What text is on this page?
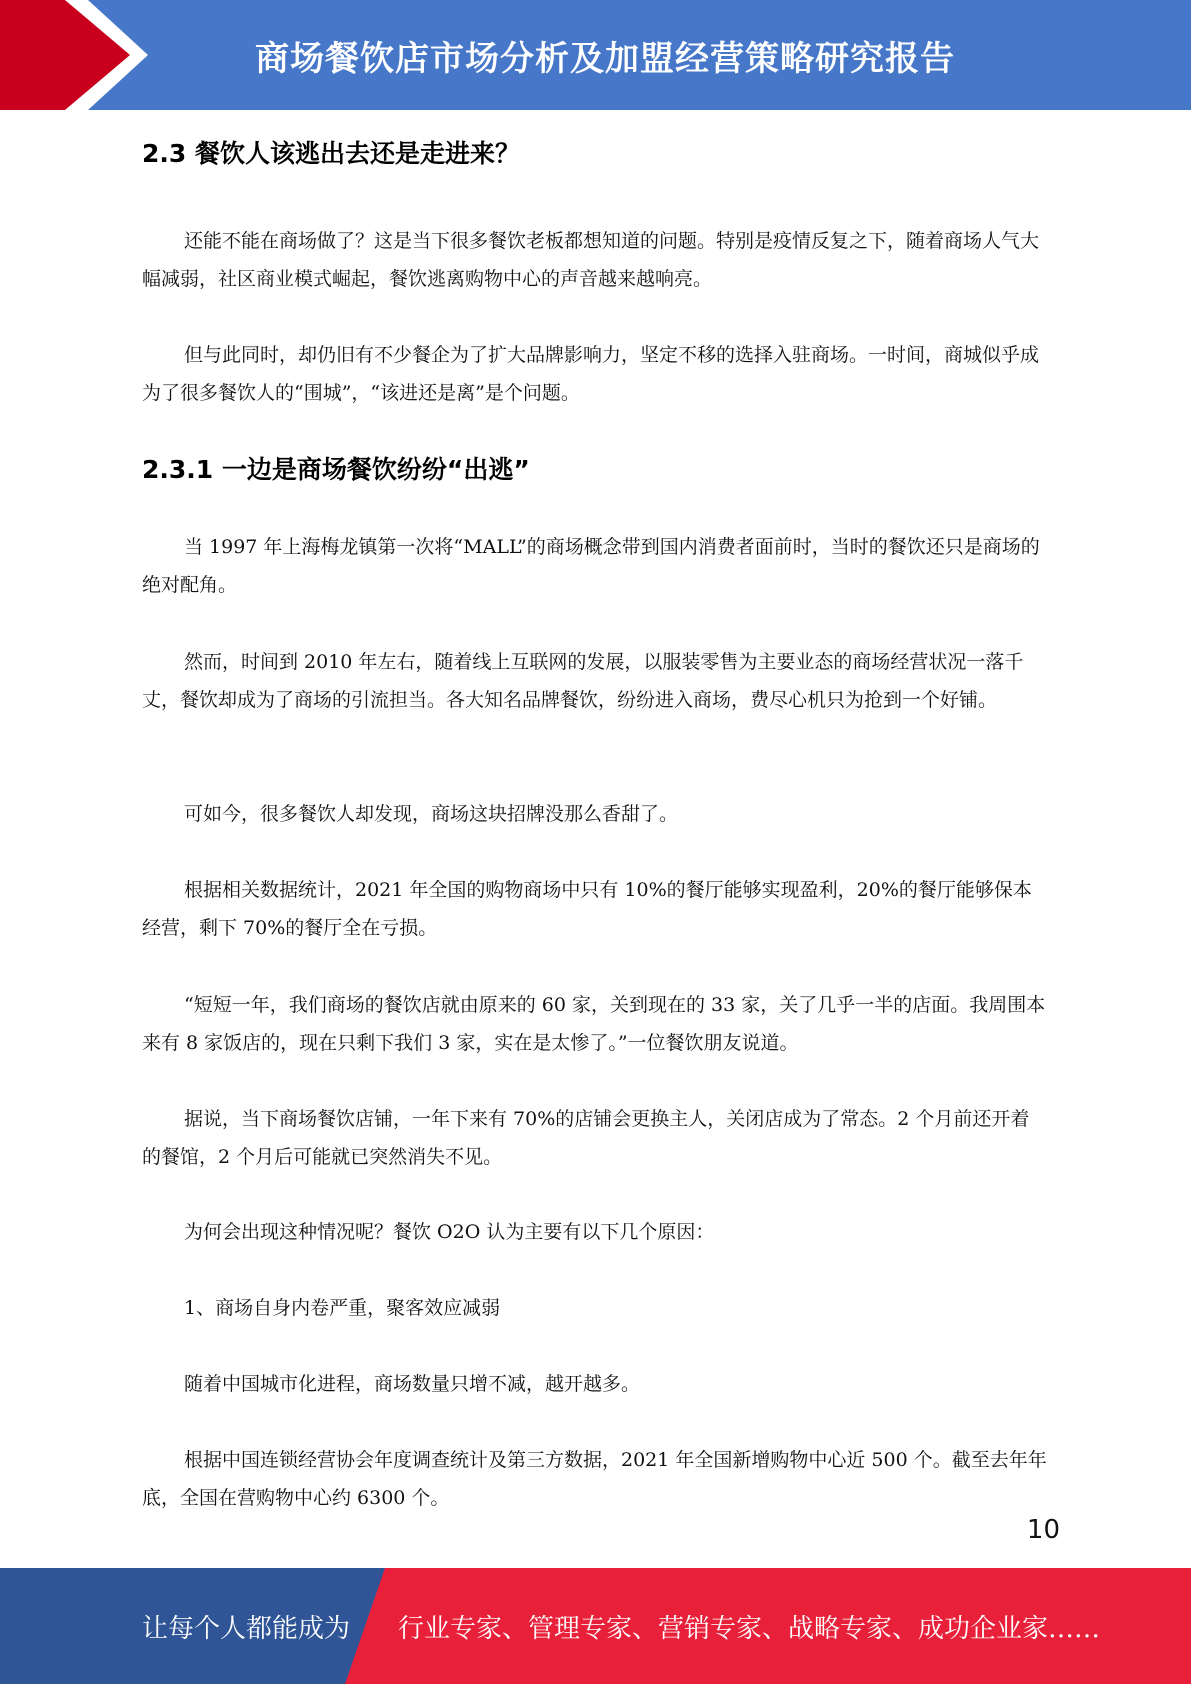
商场餐饮店市场分析及加盟经营策略研究报告
2.3 餐饮人该逃出去还是走进来？

还能不能在商场做了？这是当下很多餐饮老板都想知道的问题。特别是疫情反复之下，随着商场人气大幅减弱，社区商业模式崛起，餐饮逃离购物中心的声音越来越响亮。

但与此同时，却仍旧有不少餐企为了扩大品牌影响力，坚定不移的选择入驻商场。一时间，商城似乎成为了很多餐饮人的“围城”，“该进还是离”是个问题。

2.3.1 一边是商场餐饮纷纷“出逃”

当 1997 年上海梅龙镇第一次将“MALL”的商场概念带到国内消费者面前时，当时的餐饮还只是商场的绝对配角。

然而，时间到 2010 年左右，随着线上互联网的发展，以服装零售为主要业态的商场经营状况一落千丈，餐饮却成为了商场的引流担当。各大知名品牌餐饮，纷纷进入商场，费尽心机只为抢到一个好铺。

可如今，很多餐饮人却发现，商场这块招牌没那么香甜了。

根据相关数据统计，2021 年全国的购物商场中只有 10%的餐厅能够实现盈利，20%的餐厅能够保本经营，剩下 70%的餐厅全在亏损。

“短短一年，我们商场的餐饮店就由原来的 60 家，关到现在的 33 家，关了几乎一半的店面。我周围本来有 8 家饭店的，现在只剩下我们 3 家，实在是太惨了。”一位餐饮朋友说道。

据说，当下商场餐饮店铺，一年下来有 70%的店铺会更换主人，关闭店成为了常态。2 个月前还开着的餐馆，2 个月后可能就已突然消失不见。

为何会出现这种情况呢？餐饮 O2O 认为主要有以下几个原因：

1、商场自身内卷严重，聚客效应减弱

随着中国城市化进程，商场数量只增不减，越开越多。

根据中国连锁经营协会年度调查统计及第三方数据，2021 年全国新增购物中心近 500 个。截至去年年底，全国在营购物中心约 6300 个。

10
让每个人都能成为 行业专家、管理专家、营销专家、战略专家、成功企业家……
